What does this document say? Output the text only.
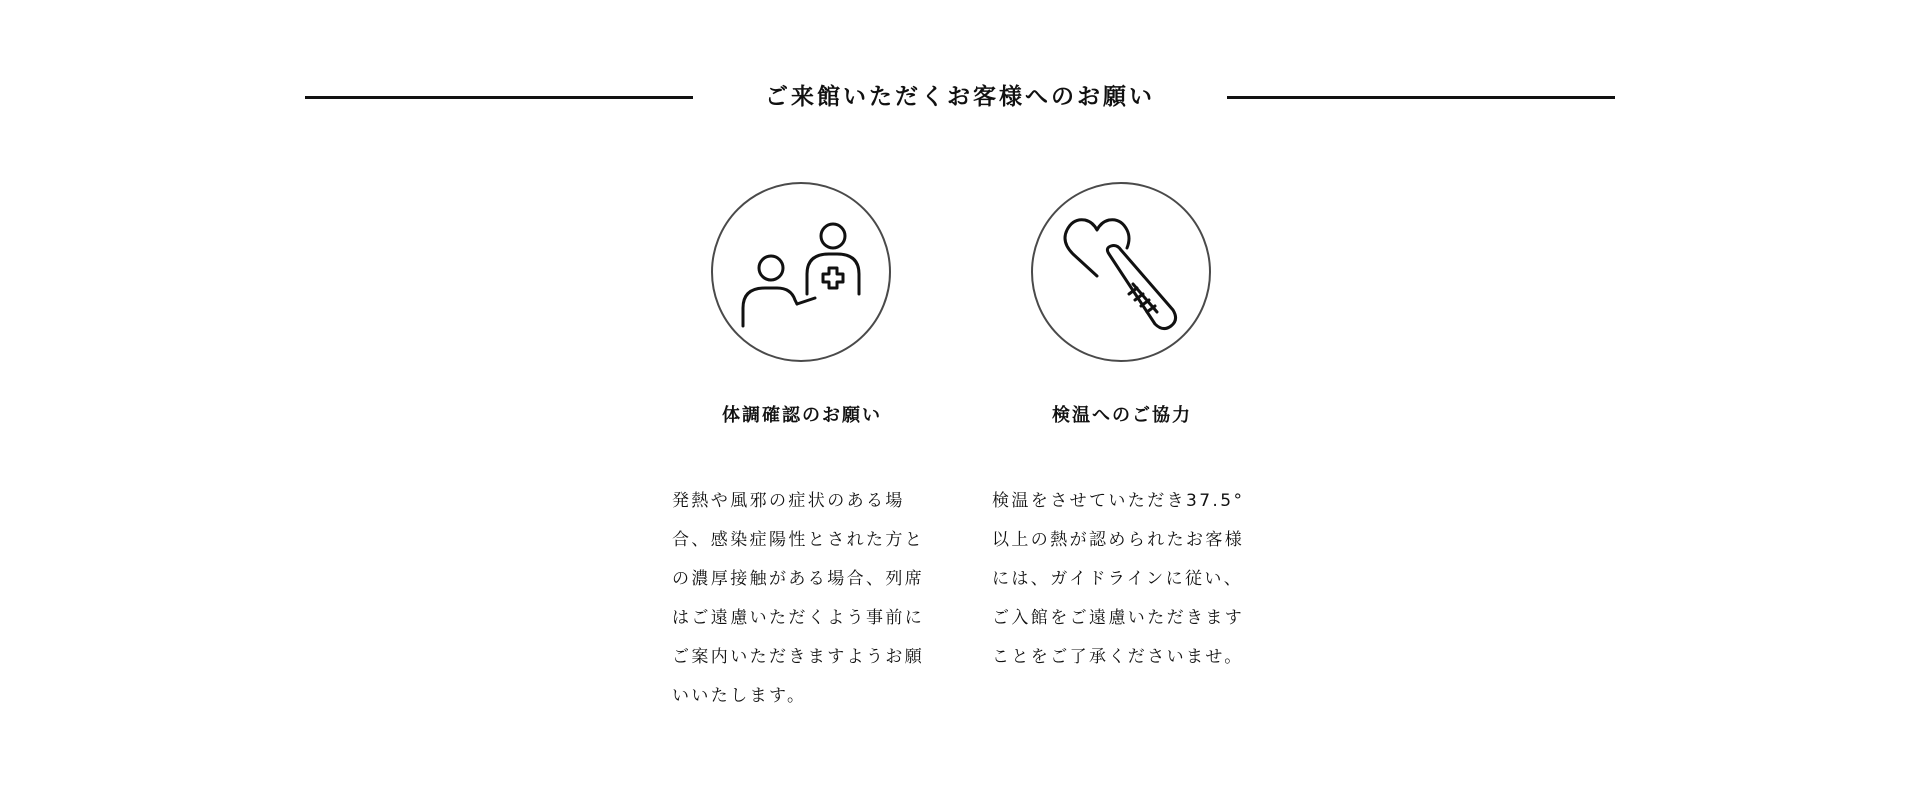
ご来館いただくお客様へのお願い
体調確認のお願い

発熱や風邪の症状のある場
合、感染症陽性とされた方と
の濃厚接触がある場合、列席
はご遠慮いただくよう事前に
ご案内いただきますようお願
いいたします。

検温へのご協力

検温をさせていただき37.5°
以上の熱が認められたお客様
には、ガイドラインに従い、
ご入館をご遠慮いただきます
ことをご了承くださいませ。
